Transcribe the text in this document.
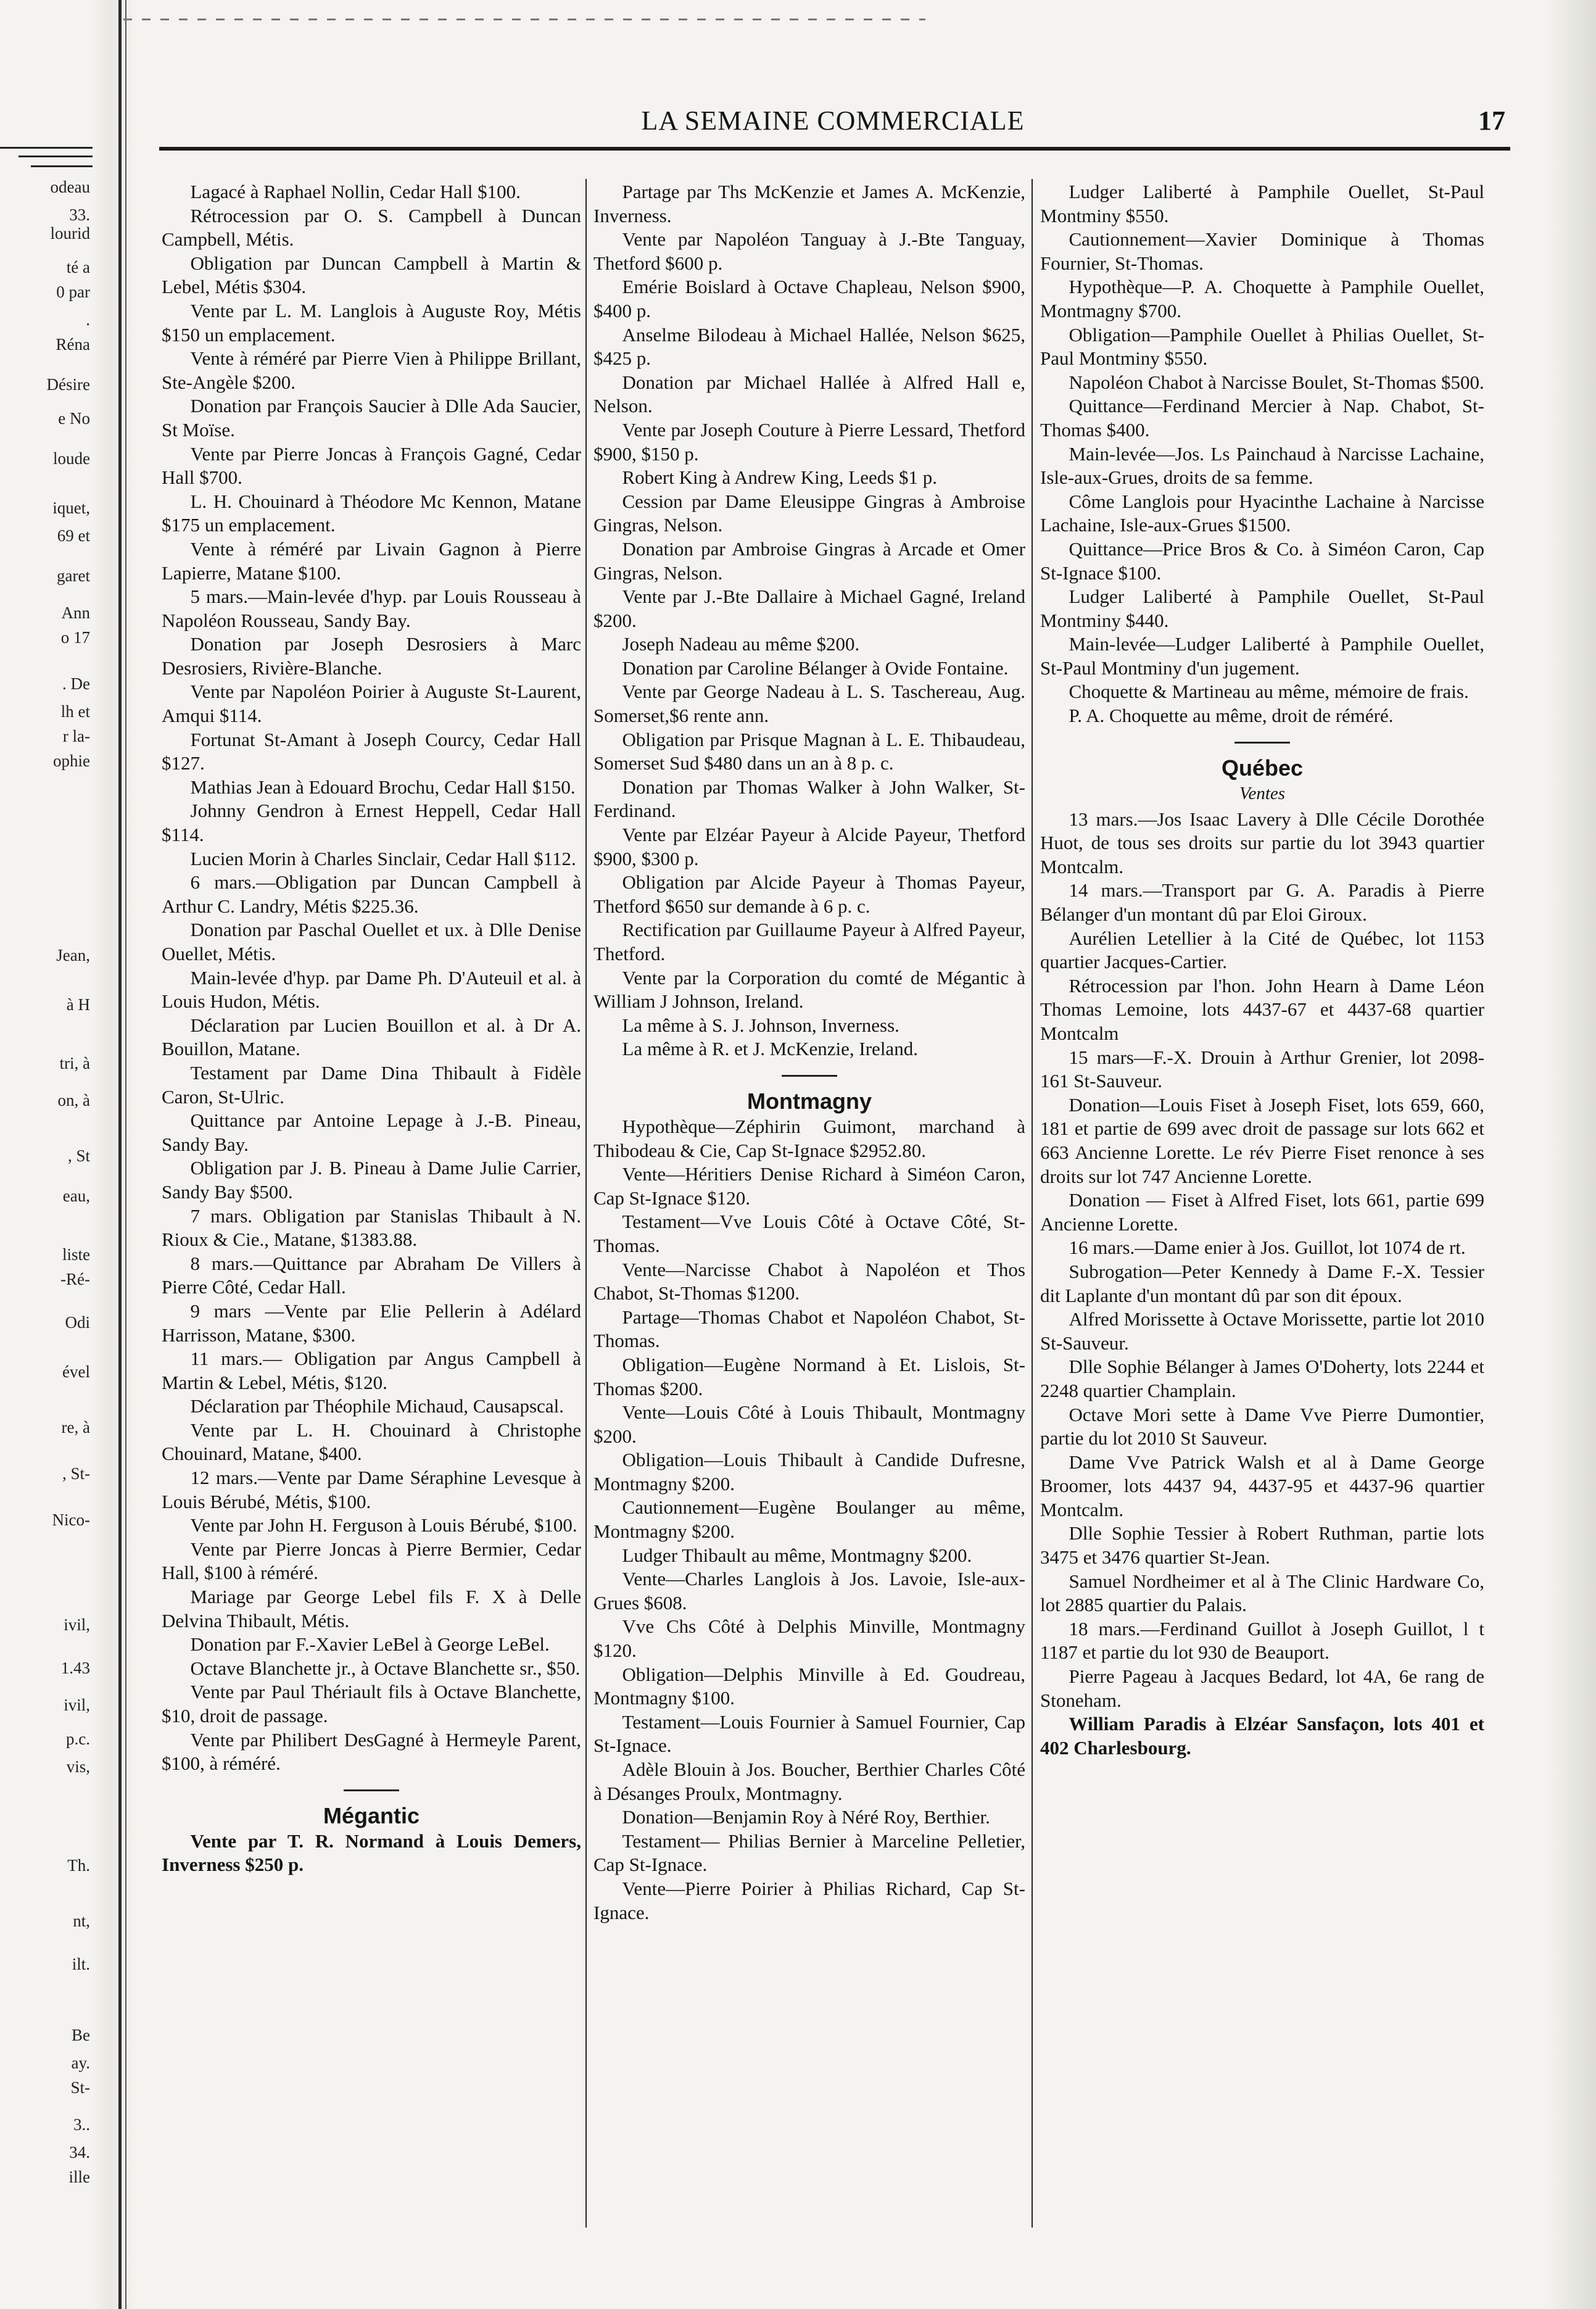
odeau
33.
lourid
té a
0 par
.
Réna
Désire
e No
loude
iquet,
69 et
garet
Ann
o 17
. De
lh et
r la-
ophie
Jean,
à H
tri, à
on, à
, St
eau,
liste
-Ré-
Odi
ével
re, à
, St-
Nico-
ivil,
1.43
ivil,
p.c.
vis,
Th.
nt,
ilt.
Be
ay.
St-
3..
34.
ille
LA SEMAINE COMMERCIALE	17

Lagacé à Raphael Nollin, Cedar Hall $100.

Rétrocession par O. S. Campbell à Duncan Campbell, Métis.

Obligation par Duncan Campbell à Martin & Lebel, Métis $304.

Vente par L. M. Langlois à Auguste Roy, Métis $150 un emplacement.

Vente à réméré par Pierre Vien à Philippe Brillant, Ste-Angèle $200.

Donation par François Saucier à Dlle Ada Saucier, St Moïse.

Vente par Pierre Joncas à François Gagné, Cedar Hall $700.

L. H. Chouinard à Théodore Mc Kennon, Matane $175 un emplacement.

Vente à réméré par Livain Gagnon à Pierre Lapierre, Matane $100.

5 mars.—Main-levée d'hyp. par Louis Rousseau à Napoléon Rousseau, Sandy Bay.

Donation par Joseph Desrosiers à Marc Desrosiers, Rivière-Blanche.

Vente par Napoléon Poirier à Auguste St-Laurent, Amqui $114.

Fortunat St-Amant à Joseph Courcy, Cedar Hall $127.

Mathias Jean à Edouard Brochu, Cedar Hall $150.

Johnny Gendron à Ernest Heppell, Cedar Hall $114.

Lucien Morin à Charles Sinclair, Cedar Hall $112.

6 mars.—Obligation par Duncan Campbell à Arthur C. Landry, Métis $225.36.

Donation par Paschal Ouellet et ux. à Dlle Denise Ouellet, Métis.

Main-levée d'hyp. par Dame Ph. D'Auteuil et al. à Louis Hudon, Métis.

Déclaration par Lucien Bouillon et al. à Dr A. Bouillon, Matane.

Testament par Dame Dina Thibault à Fidèle Caron, St-Ulric.

Quittance par Antoine Lepage à J.-B. Pineau, Sandy Bay.

Obligation par J. B. Pineau à Dame Julie Carrier, Sandy Bay $500.

7 mars. Obligation par Stanislas Thibault à N. Rioux & Cie., Matane, $1383.88.

8 mars.—Quittance par Abraham De Villers à Pierre Côté, Cedar Hall.

9 mars —Vente par Elie Pellerin à Adélard Harrisson, Matane, $300.

11 mars.— Obligation par Angus Campbell à Martin & Lebel, Métis, $120.

Déclaration par Théophile Michaud, Causapscal.

Vente par L. H. Chouinard à Christophe Chouinard, Matane, $400.

12 mars.—Vente par Dame Séraphine Levesque à Louis Bérubé, Métis, $100.

Vente par John H. Ferguson à Louis Bérubé, $100.

Vente par Pierre Joncas à Pierre Bermier, Cedar Hall, $100 à réméré.

Mariage par George Lebel fils F. X à Delle Delvina Thibault, Métis.

Donation par F.-Xavier LeBel à George LeBel.

Octave Blanchette jr., à Octave Blanchette sr., $50.

Vente par Paul Thériault fils à Octave Blanchette, $10, droit de passage.

Vente par Philibert DesGagné à Hermeyle Parent, $100, à réméré.

Mégantic

Vente par T. R. Normand à Louis Demers, Inverness $250 p.

Partage par Ths McKenzie et James A. McKenzie, Inverness.

Vente par Napoléon Tanguay à J.-Bte Tanguay, Thetford $600 p.

Emérie Boislard à Octave Chapleau, Nelson $900, $400 p.

Anselme Bilodeau à Michael Hallée, Nelson $625, $425 p.

Donation par Michael Hallée à Alfred Hall e, Nelson.

Vente par Joseph Couture à Pierre Lessard, Thetford $900, $150 p.

Robert King à Andrew King, Leeds $1 p.

Cession par Dame Eleusippe Gingras à Ambroise Gingras, Nelson.

Donation par Ambroise Gingras à Arcade et Omer Gingras, Nelson.

Vente par J.-Bte Dallaire à Michael Gagné, Ireland $200.

Joseph Nadeau au même $200.

Donation par Caroline Bélanger à Ovide Fontaine.

Vente par George Nadeau à L. S. Taschereau, Aug. Somerset,$6 rente ann.

Obligation par Prisque Magnan à L. E. Thibaudeau, Somerset Sud $480 dans un an à 8 p. c.

Donation par Thomas Walker à John Walker, St-Ferdinand.

Vente par Elzéar Payeur à Alcide Payeur, Thetford $900, $300 p.

Obligation par Alcide Payeur à Thomas Payeur, Thetford $650 sur demande à 6 p. c.

Rectification par Guillaume Payeur à Alfred Payeur, Thetford.

Vente par la Corporation du comté de Mégantic à William J Johnson, Ireland.

La même à S. J. Johnson, Inverness.

La même à R. et J. McKenzie, Ireland.

Montmagny

Hypothèque—Zéphirin Guimont, marchand à Thibodeau & Cie, Cap St-Ignace $2952.80.

Vente—Héritiers Denise Richard à Siméon Caron, Cap St-Ignace $120.

Testament—Vve Louis Côté à Octave Côté, St-Thomas.

Vente—Narcisse Chabot à Napoléon et Thos Chabot, St-Thomas $1200.

Partage—Thomas Chabot et Napoléon Chabot, St-Thomas.

Obligation—Eugène Normand à Et. Lislois, St-Thomas $200.

Vente—Louis Côté à Louis Thibault, Montmagny $200.

Obligation—Louis Thibault à Candide Dufresne, Montmagny $200.

Cautionnement—Eugène Boulanger au même, Montmagny $200.

Ludger Thibault au même, Montmagny $200.

Vente—Charles Langlois à Jos. Lavoie, Isle-aux-Grues $608.

Vve Chs Côté à Delphis Minville, Montmagny $120.

Obligation—Delphis Minville à Ed. Goudreau, Montmagny $100.

Testament—Louis Fournier à Samuel Fournier, Cap St-Ignace.

Adèle Blouin à Jos. Boucher, Berthier Charles Côté à Désanges Proulx, Montmagny.

Donation—Benjamin Roy à Néré Roy, Berthier.

Testament— Philias Bernier à Marceline Pelletier, Cap St-Ignace.

Vente—Pierre Poirier à Philias Richard, Cap St-Ignace.

Ludger Laliberté à Pamphile Ouellet, St-Paul Montminy $550.

Cautionnement—Xavier Dominique à Thomas Fournier, St-Thomas.

Hypothèque—P. A. Choquette à Pamphile Ouellet, Montmagny $700.

Obligation—Pamphile Ouellet à Philias Ouellet, St-Paul Montminy $550.

Napoléon Chabot à Narcisse Boulet, St-Thomas $500.

Quittance—Ferdinand Mercier à Nap. Chabot, St-Thomas $400.

Main-levée—Jos. Ls Painchaud à Narcisse Lachaine, Isle-aux-Grues, droits de sa femme.

Côme Langlois pour Hyacinthe Lachaine à Narcisse Lachaine, Isle-aux-Grues $1500.

Quittance—Price Bros & Co. à Siméon Caron, Cap St-Ignace $100.

Ludger Laliberté à Pamphile Ouellet, St-Paul Montminy $440.

Main-levée—Ludger Laliberté à Pamphile Ouellet, St-Paul Montminy d'un jugement.

Choquette & Martineau au même, mémoire de frais.

P. A. Choquette au même, droit de réméré.

Québec
Ventes

13 mars.—Jos Isaac Lavery à Dlle Cécile Dorothée Huot, de tous ses droits sur partie du lot 3943 quartier Montcalm.

14 mars.—Transport par G. A. Paradis à Pierre Bélanger d'un montant dû par Eloi Giroux.

Aurélien Letellier à la Cité de Québec, lot 1153 quartier Jacques-Cartier.

Rétrocession par l'hon. John Hearn à Dame Léon Thomas Lemoine, lots 4437-67 et 4437-68 quartier Montcalm

15 mars—F.-X. Drouin à Arthur Grenier, lot 2098-161 St-Sauveur.

Donation—Louis Fiset à Joseph Fiset, lots 659, 660, 181 et partie de 699 avec droit de passage sur lots 662 et 663 Ancienne Lorette. Le rév Pierre Fiset renonce à ses droits sur lot 747 Ancienne Lorette.

Donation — Fiset à Alfred Fiset, lots 661, partie 699 Ancienne Lorette.

16 mars.—Dame enier à Jos. Guillot, lot 1074 de rt.

Subrogation—Peter Kennedy à Dame F.-X. Tessier dit Laplante d'un montant dû par son dit époux.

Alfred Morissette à Octave Morissette, partie lot 2010 St-Sauveur.

Dlle Sophie Bélanger à James O'Doherty, lots 2244 et 2248 quartier Champlain.

Octave Mori sette à Dame Vve Pierre Dumontier, partie du lot 2010 St Sauveur.

Dame Vve Patrick Walsh et al à Dame George Broomer, lots 4437 94, 4437-95 et 4437-96 quartier Montcalm.

Dlle Sophie Tessier à Robert Ruthman, partie lots 3475 et 3476 quartier St-Jean.

Samuel Nordheimer et al à The Clinic Hardware Co, lot 2885 quartier du Palais.

18 mars.—Ferdinand Guillot à Joseph Guillot, l t 1187 et partie du lot 930 de Beauport.

Pierre Pageau à Jacques Bedard, lot 4A, 6e rang de Stoneham.

William Paradis à Elzéar Sansfaçon, lots 401 et 402 Charlesbourg.
